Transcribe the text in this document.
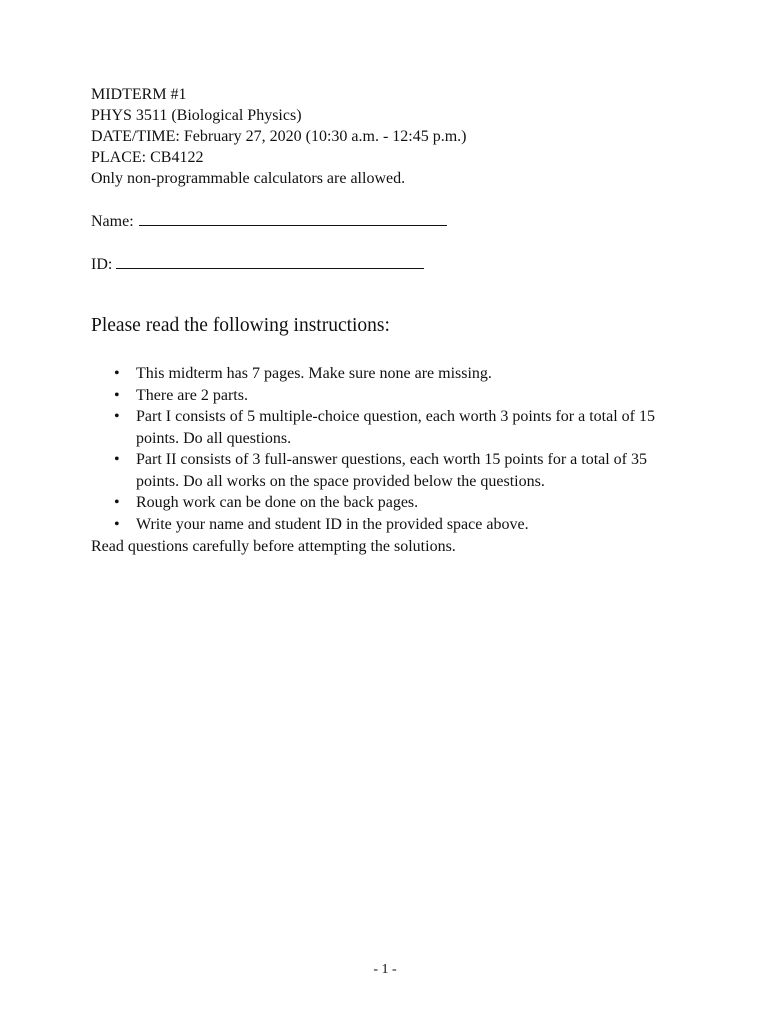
MIDTERM #1
PHYS 3511 (Biological Physics)
DATE/TIME: February 27, 2020 (10:30 a.m. - 12:45 p.m.)
PLACE: CB4122
Only non-programmable calculators are allowed.
Name:
ID:
Please read the following instructions:
• This midterm has 7 pages. Make sure none are missing.
• There are 2 parts.
• Part I consists of 5 multiple-choice question, each worth 3 points for a total of 15 points. Do all questions.
• Part II consists of 3 full-answer questions, each worth 15 points for a total of 35 points. Do all works on the space provided below the questions.
• Rough work can be done on the back pages.
• Write your name and student ID in the provided space above.
Read questions carefully before attempting the solutions.
- 1 -
